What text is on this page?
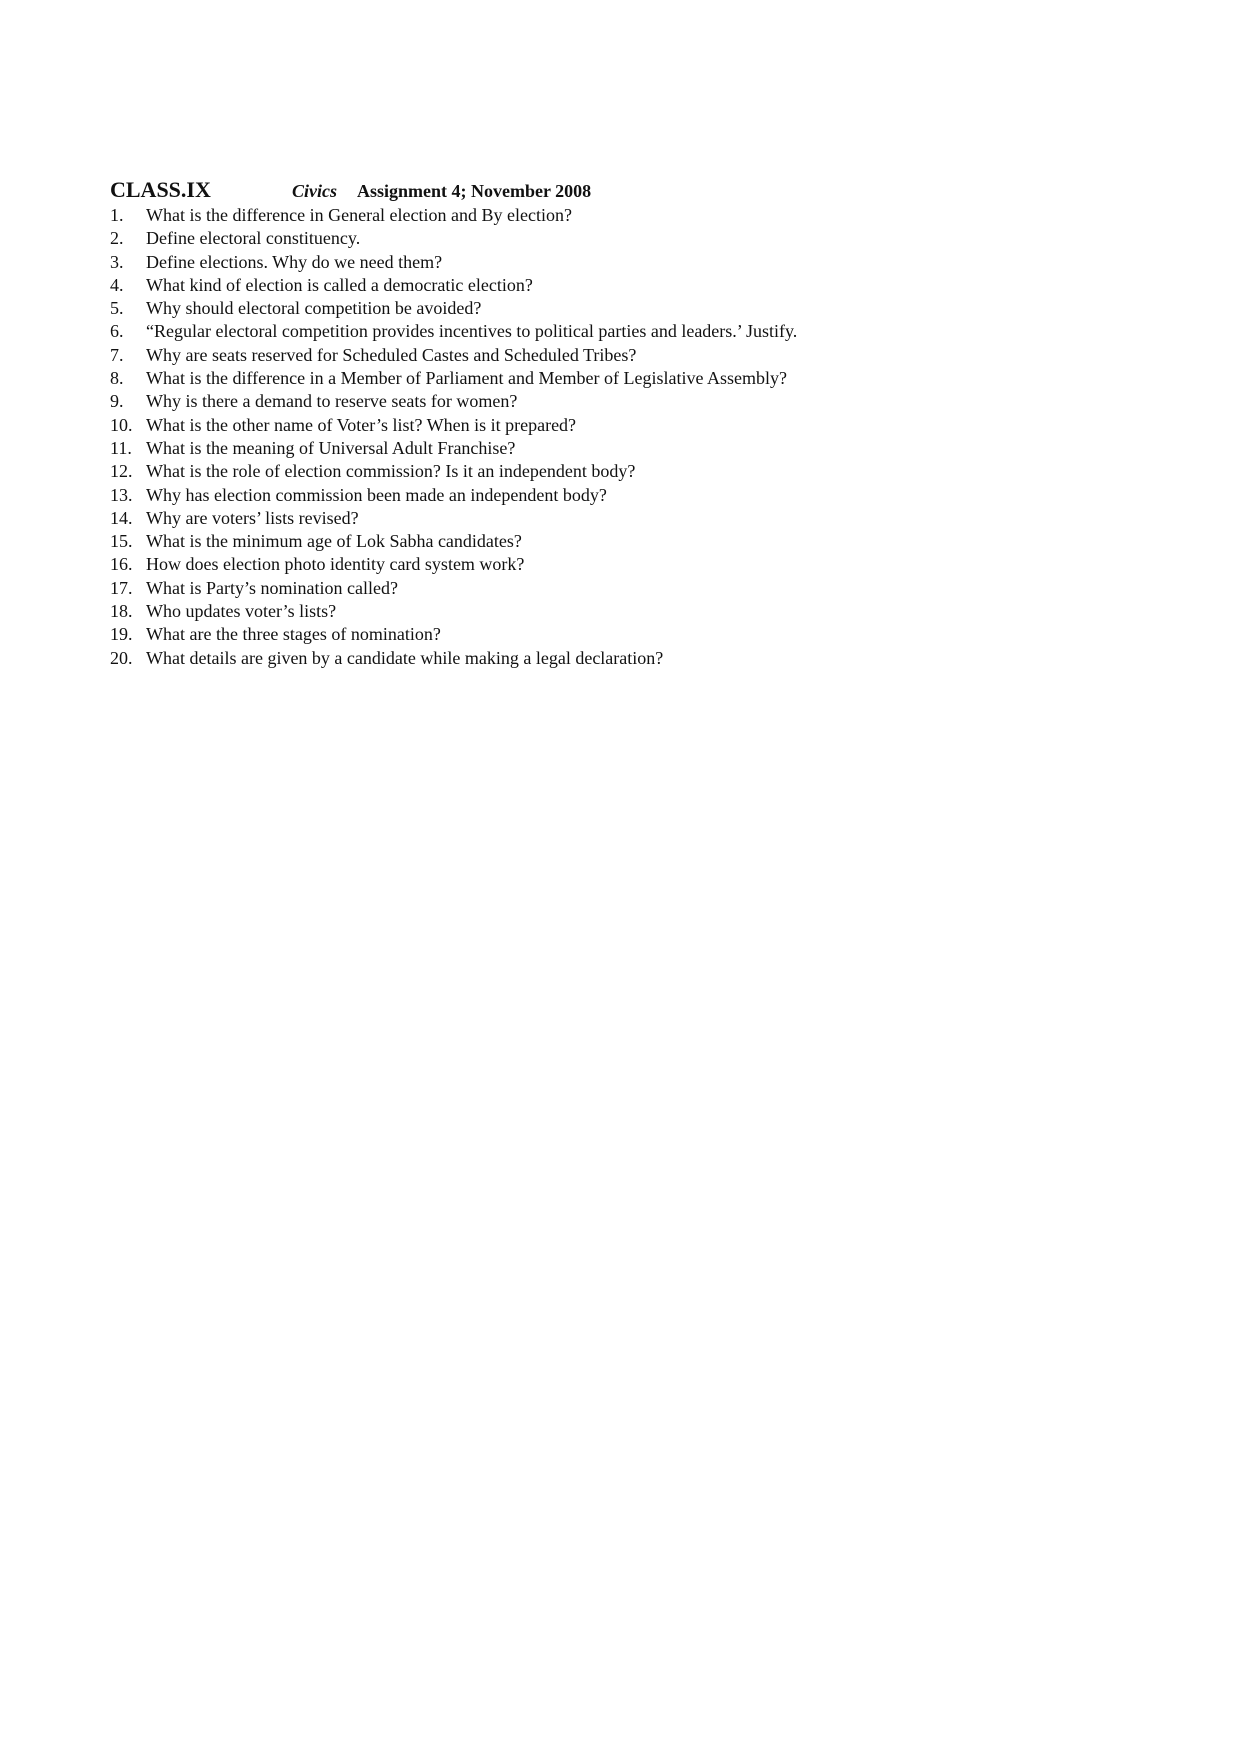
CLASS.IX	Civics Assignment 4; November 2008
1. What is the difference in General election and By election?
2. Define electoral constituency.
3. Define elections. Why do we need them?
4. What kind of election is called a democratic election?
5. Why should electoral competition be avoided?
6. “Regular electoral competition provides incentives to political parties and leaders.’ Justify.
7. Why are seats reserved for Scheduled Castes and Scheduled Tribes?
8. What is the difference in a Member of Parliament and Member of Legislative Assembly?
9. Why is there a demand to reserve seats for women?
10. What is the other name of Voter’s list? When is it prepared?
11. What is the meaning of Universal Adult Franchise?
12. What is the role of election commission? Is it an independent body?
13. Why has election commission been made an independent body?
14. Why are voters’ lists revised?
15. What is the minimum age of Lok Sabha candidates?
16. How does election photo identity card system work?
17. What is Party’s nomination called?
18. Who updates voter’s lists?
19. What are the three stages of nomination?
20. What details are given by a candidate while making a legal declaration?
